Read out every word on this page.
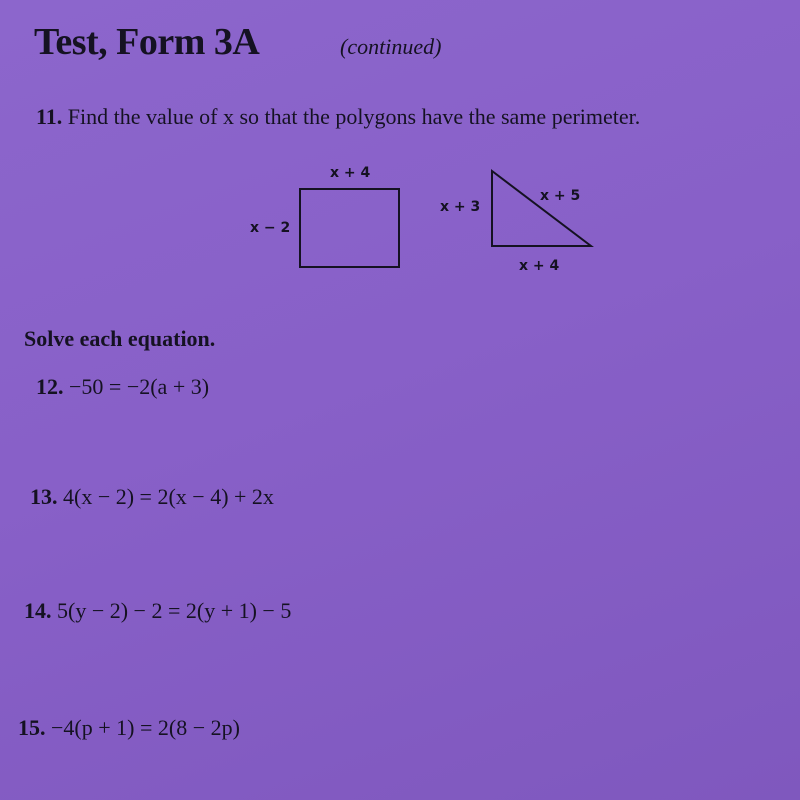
Test, Form 3A	(continued)
11. Find the value of x so that the polygons have the same perimeter.
x + 4
x − 2
x + 3
x + 5
x + 4
Solve each equation.
12. −50 = −2(a + 3)
13. 4(x − 2) = 2(x − 4) + 2x
14. 5(y − 2) − 2 = 2(y + 1) − 5
15. −4(p + 1) = 2(8 − 2p)
